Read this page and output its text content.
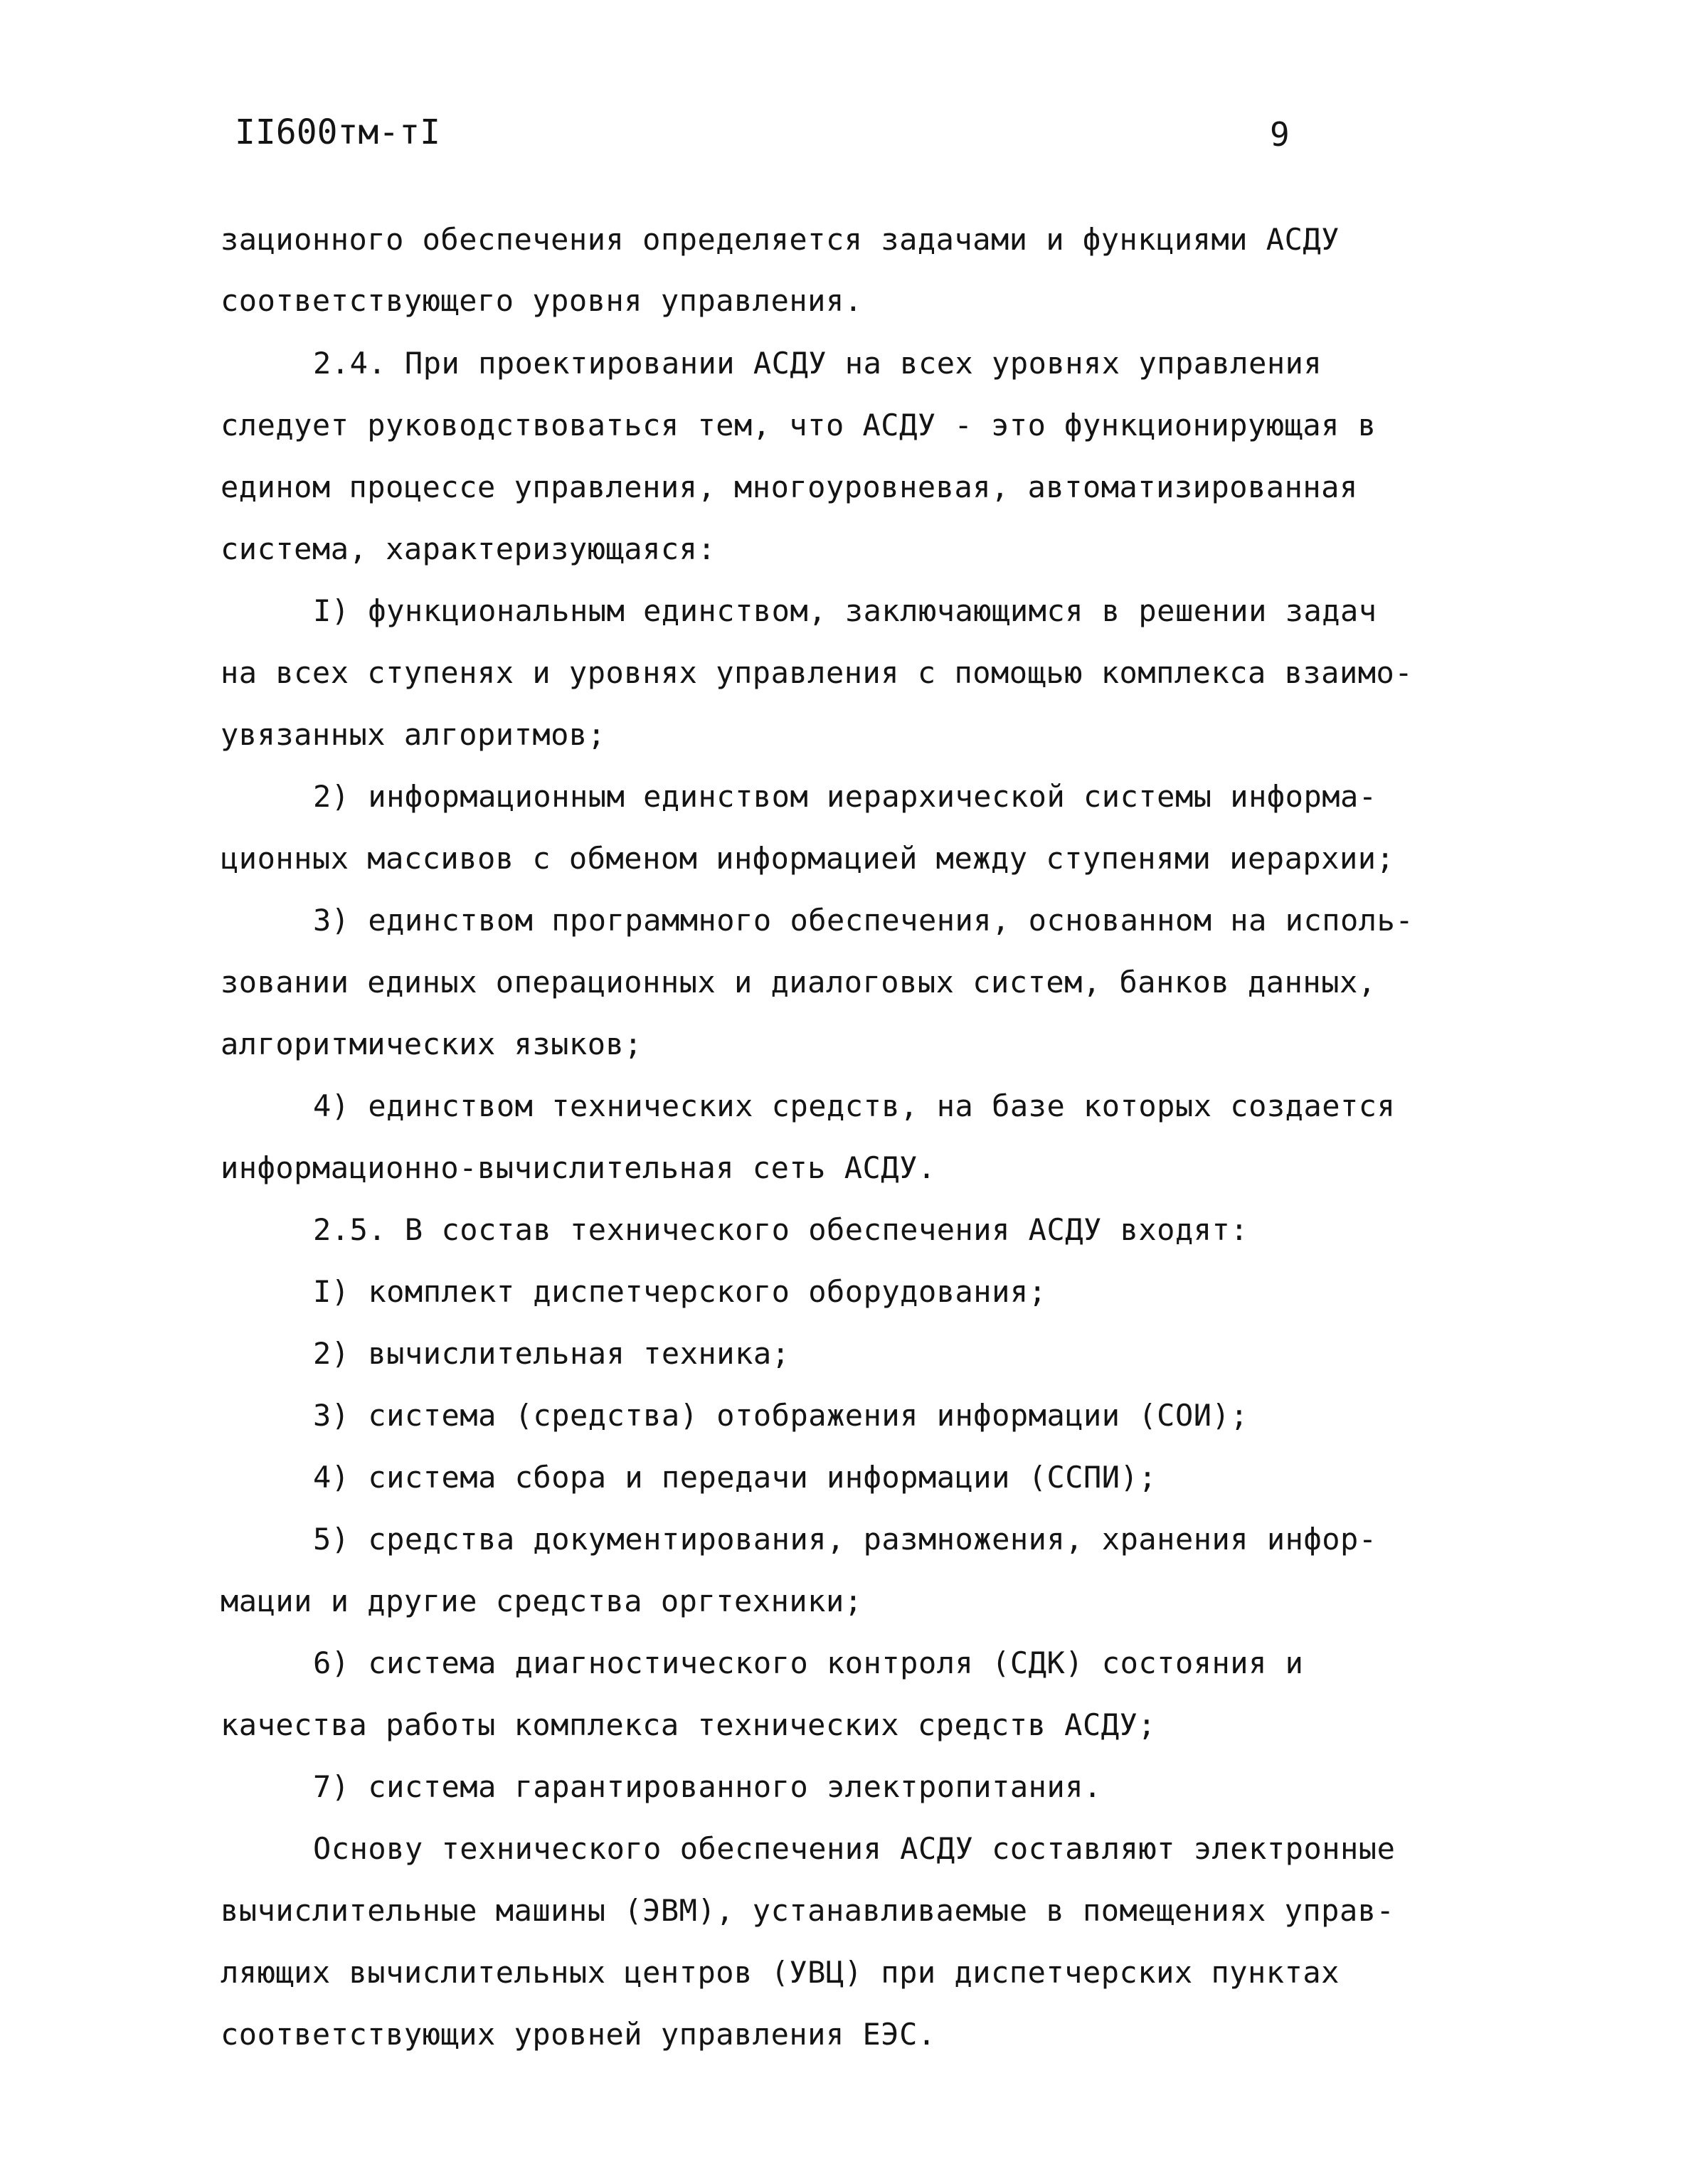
II600тм-тI	9
зационного обеспечения определяется задачами и функциями АСДУ
соответствующего уровня управления.
2.4. При проектировании АСДУ на всех уровнях управления
следует руководствоваться тем, что АСДУ - это функционирующая в
едином процессе управления, многоуровневая, автоматизированная
система, характеризующаяся:
I) функциональным единством, заключающимся в решении задач
на всех ступенях и уровнях управления с помощью комплекса взаимо-
увязанных алгоритмов;
2) информационным единством иерархической системы информа-
ционных массивов с обменом информацией между ступенями иерархии;
3) единством программного обеспечения, основанном на исполь-
зовании единых операционных и диалоговых систем, банков данных,
алгоритмических языков;
4) единством технических средств, на базе которых создается
информационно-вычислительная сеть АСДУ.
2.5. В состав технического обеспечения АСДУ входят:
I) комплект диспетчерского оборудования;
2) вычислительная техника;
3) система (средства) отображения информации (СОИ);
4) система сбора и передачи информации (ССПИ);
5) средства документирования, размножения, хранения инфор-
мации и другие средства оргтехники;
6) система диагностического контроля (СДК) состояния и
качества работы комплекса технических средств АСДУ;
7) система гарантированного электропитания.
Основу технического обеспечения АСДУ составляют электронные
вычислительные машины (ЭВМ), устанавливаемые в помещениях управ-
ляющих вычислительных центров (УВЦ) при диспетчерских пунктах
соответствующих уровней управления ЕЭС.
